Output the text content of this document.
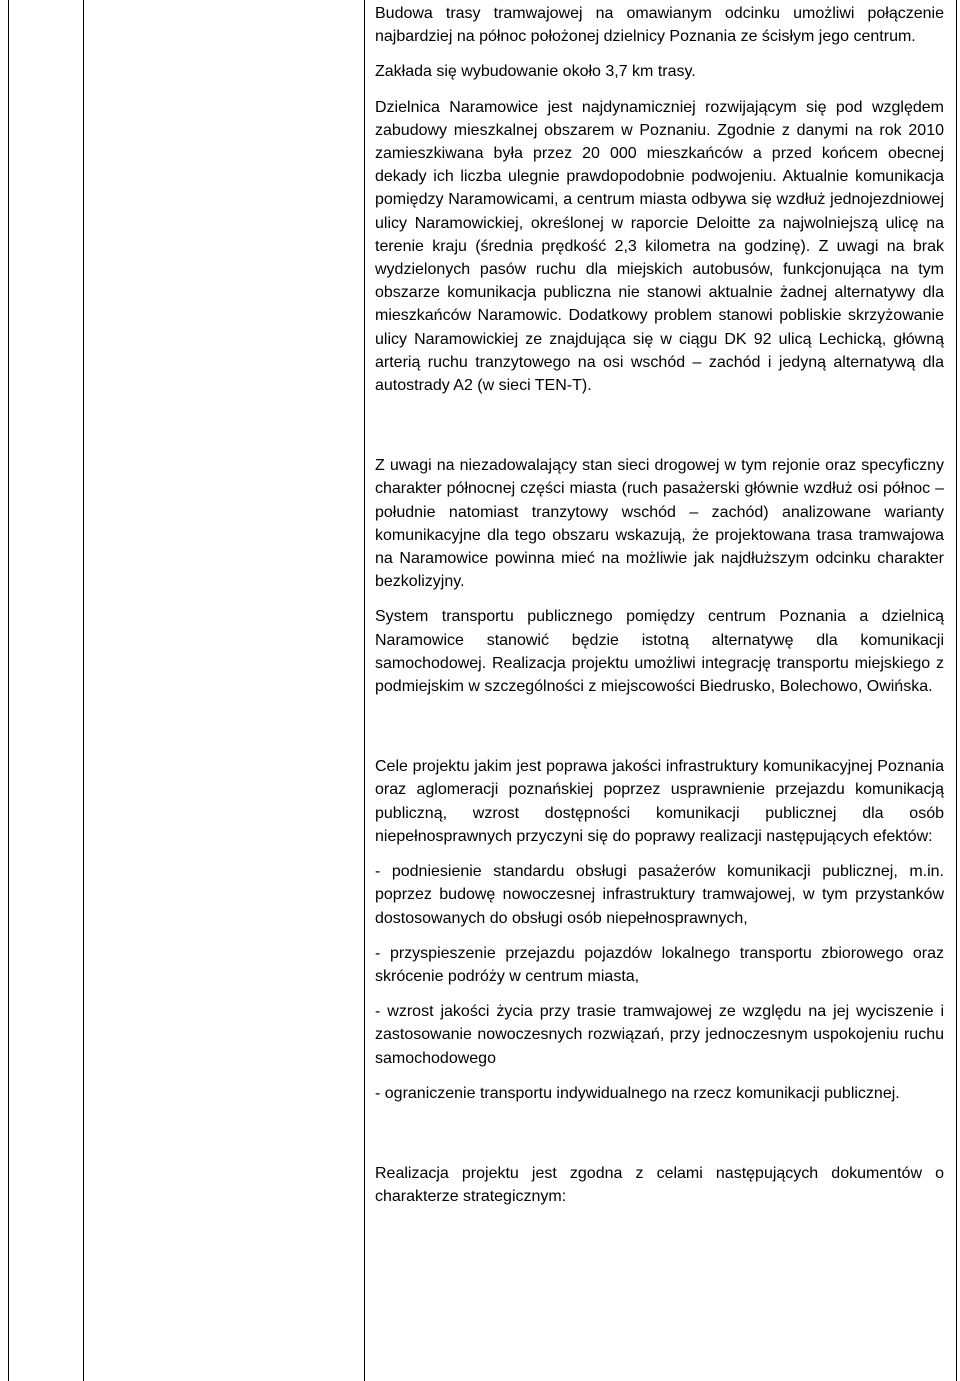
Budowa trasy tramwajowej na omawianym odcinku umożliwi połączenie najbardziej na północ położonej dzielnicy Poznania ze ścisłym jego centrum.

Zakłada się wybudowanie około 3,7 km trasy.

Dzielnica Naramowice jest najdynamiczniej rozwijającym się pod względem zabudowy mieszkalnej obszarem w Poznaniu. Zgodnie z danymi na rok 2010 zamieszkiwana była przez 20 000 mieszkańców a przed końcem obecnej dekady ich liczba ulegnie prawdopodobnie podwojeniu. Aktualnie komunikacja pomiędzy Naramowicami, a centrum miasta odbywa się wzdłuż jednojezdniowej ulicy Naramowickiej, określonej w raporcie Deloitte za najwolniejszą ulicę na terenie kraju (średnia prędkość 2,3 kilometra na godzinę). Z uwagi na brak wydzielonych pasów ruchu dla miejskich autobusów, funkcjonująca na tym obszarze komunikacja publiczna nie stanowi aktualnie żadnej alternatywy dla mieszkańców Naramowic. Dodatkowy problem stanowi pobliskie skrzyżowanie ulicy Naramowickiej ze znajdująca się w ciągu DK 92 ulicą Lechicką, główną arterią ruchu tranzytowego na osi wschód – zachód i jedyną alternatywą dla autostrady A2 (w sieci TEN-T).

Z uwagi na niezadowalający stan sieci drogowej w tym rejonie oraz specyficzny charakter północnej części miasta (ruch pasażerski głównie wzdłuż osi północ – południe natomiast tranzytowy wschód – zachód) analizowane warianty komunikacyjne dla tego obszaru wskazują, że projektowana trasa tramwajowa na Naramowice powinna mieć na możliwie jak najdłuższym odcinku charakter bezkolizyjny.

System transportu publicznego pomiędzy centrum Poznania a dzielnicą Naramowice stanowić będzie istotną alternatywę dla komunikacji samochodowej. Realizacja projektu umożliwi integrację transportu miejskiego z podmiejskim w szczególności z miejscowości Biedrusko, Bolechowo, Owińska.

Cele projektu jakim jest poprawa jakości infrastruktury komunikacyjnej Poznania oraz aglomeracji poznańskiej poprzez usprawnienie przejazdu komunikacją publiczną, wzrost dostępności komunikacji publicznej dla osób niepełnosprawnych przyczyni się do poprawy realizacji następujących efektów:

- podniesienie standardu obsługi pasażerów komunikacji publicznej, m.in. poprzez budowę nowoczesnej infrastruktury tramwajowej, w tym przystanków dostosowanych do obsługi osób niepełnosprawnych,

- przyspieszenie przejazdu pojazdów lokalnego transportu zbiorowego oraz skrócenie podróży w centrum miasta,

- wzrost jakości życia przy trasie tramwajowej ze względu na jej wyciszenie i zastosowanie nowoczesnych rozwiązań, przy jednoczesnym uspokojeniu ruchu samochodowego

- ograniczenie transportu indywidualnego na rzecz komunikacji publicznej.

Realizacja projektu jest zgodna z celami następujących dokumentów o charakterze strategicznym:
